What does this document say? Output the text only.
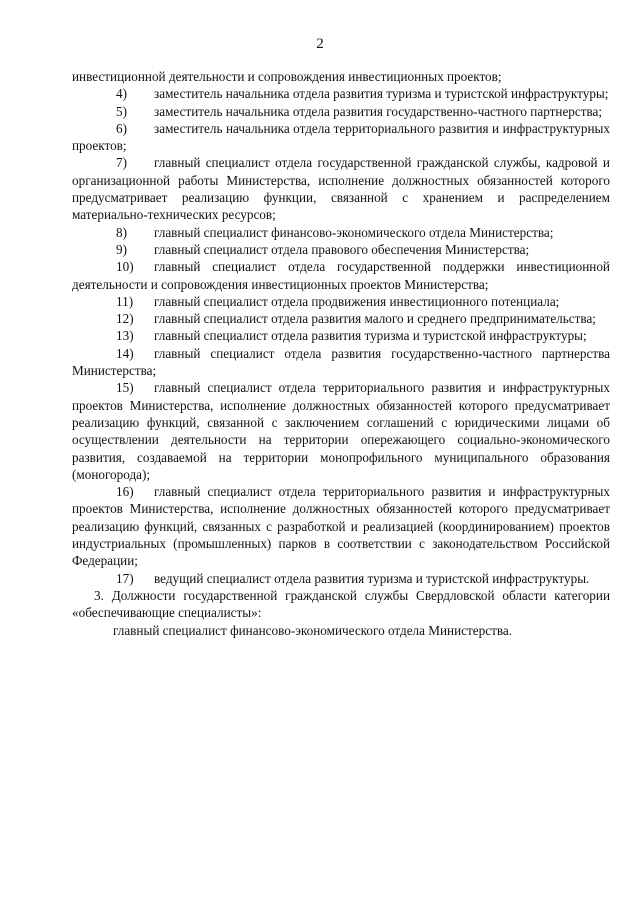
2

инвестиционной деятельности и сопровождения инвестиционных проектов;

4) заместитель начальника отдела развития туризма и туристской инфраструктуры;

5) заместитель начальника отдела развития государственно-частного партнерства;

6) заместитель начальника отдела территориального развития и инфраструктурных проектов;

7) главный специалист отдела государственной гражданской службы, кадровой и организационной работы Министерства, исполнение должностных обязанностей которого предусматривает реализацию функции, связанной с хранением и распределением материально-технических ресурсов;

8) главный специалист финансово-экономического отдела Министерства;

9) главный специалист отдела правового обеспечения Министерства;

10) главный специалист отдела государственной поддержки инвестиционной деятельности и сопровождения инвестиционных проектов Министерства;

11) главный специалист отдела продвижения инвестиционного потенциала;

12) главный специалист отдела развития малого и среднего предпринимательства;

13) главный специалист отдела развития туризма и туристской инфраструктуры;

14) главный специалист отдела развития государственно-частного партнерства Министерства;

15) главный специалист отдела территориального развития и инфраструктурных проектов Министерства, исполнение должностных обязанностей которого предусматривает реализацию функций, связанной с заключением соглашений с юридическими лицами об осуществлении деятельности на территории опережающего социально-экономического развития, создаваемой на территории монопрофильного муниципального образования (моногорода);

16) главный специалист отдела территориального развития и инфраструктурных проектов Министерства, исполнение должностных обязанностей которого предусматривает реализацию функций, связанных с разработкой и реализацией (координированием) проектов индустриальных (промышленных) парков в соответствии с законодательством Российской Федерации;

17) ведущий специалист отдела развития туризма и туристской инфраструктуры.

3. Должности государственной гражданской службы Свердловской области категории «обеспечивающие специалисты»:

главный специалист финансово-экономического отдела Министерства.
